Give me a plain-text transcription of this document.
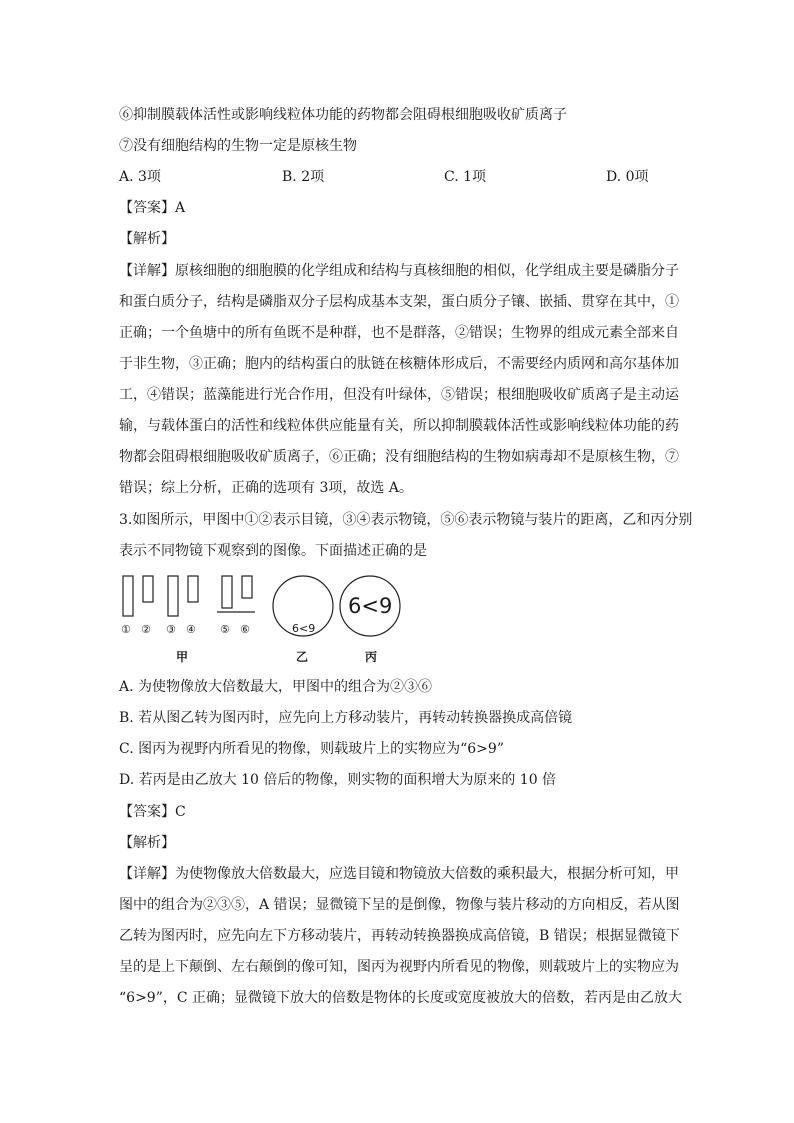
⑥抑制膜载体活性或影响线粒体功能的药物都会阻碍根细胞吸收矿质离子
⑦没有细胞结构的生物一定是原核生物
A. 3项	B. 2项	C. 1项	D. 0项
【答案】A
【解析】
【详解】原核细胞的细胞膜的化学组成和结构与真核细胞的相似，化学组成主要是磷脂分子
和蛋白质分子，结构是磷脂双分子层构成基本支架，蛋白质分子镶、嵌插、贯穿在其中，①
正确；一个鱼塘中的所有鱼既不是种群，也不是群落，②错误；生物界的组成元素全部来自
于非生物，③正确；胞内的结构蛋白的肽链在核糖体形成后，不需要经内质网和高尔基体加
工，④错误；蓝藻能进行光合作用，但没有叶绿体，⑤错误；根细胞吸收矿质离子是主动运
输，与载体蛋白的活性和线粒体供应能量有关，所以抑制膜载体活性或影响线粒体功能的药
物都会阻碍根细胞吸收矿质离子，⑥正确；没有细胞结构的生物如病毒却不是原核生物，⑦
错误；综上分析，正确的选项有 3项，故选 A。
3.如图所示，甲图中①②表示目镜，③④表示物镜，⑤⑥表示物镜与装片的距离，乙和丙分别
表示不同物镜下观察到的图像。下面描述正确的是
① ② ③ ④ ⑤ ⑥	6<9
6<9
甲	乙	丙
A. 为使物像放大倍数最大，甲图中的组合为②③⑥
B. 若从图乙转为图丙时，应先向上方移动装片，再转动转换器换成高倍镜
C. 图丙为视野内所看见的物像，则载玻片上的实物应为“6>9”
D. 若丙是由乙放大 10 倍后的物像，则实物的面积增大为原来的 10 倍
【答案】C
【解析】
【详解】为使物像放大倍数最大，应选目镜和物镜放大倍数的乘积最大，根据分析可知，甲
图中的组合为②③⑤，A 错误；显微镜下呈的是倒像，物像与装片移动的方向相反，若从图
乙转为图丙时，应先向左下方移动装片，再转动转换器换成高倍镜，B 错误；根据显微镜下
呈的是上下颠倒、左右颠倒的像可知，图丙为视野内所看见的物像，则载玻片上的实物应为
“6>9”，C 正确；显微镜下放大的倍数是物体的长度或宽度被放大的倍数，若丙是由乙放大
